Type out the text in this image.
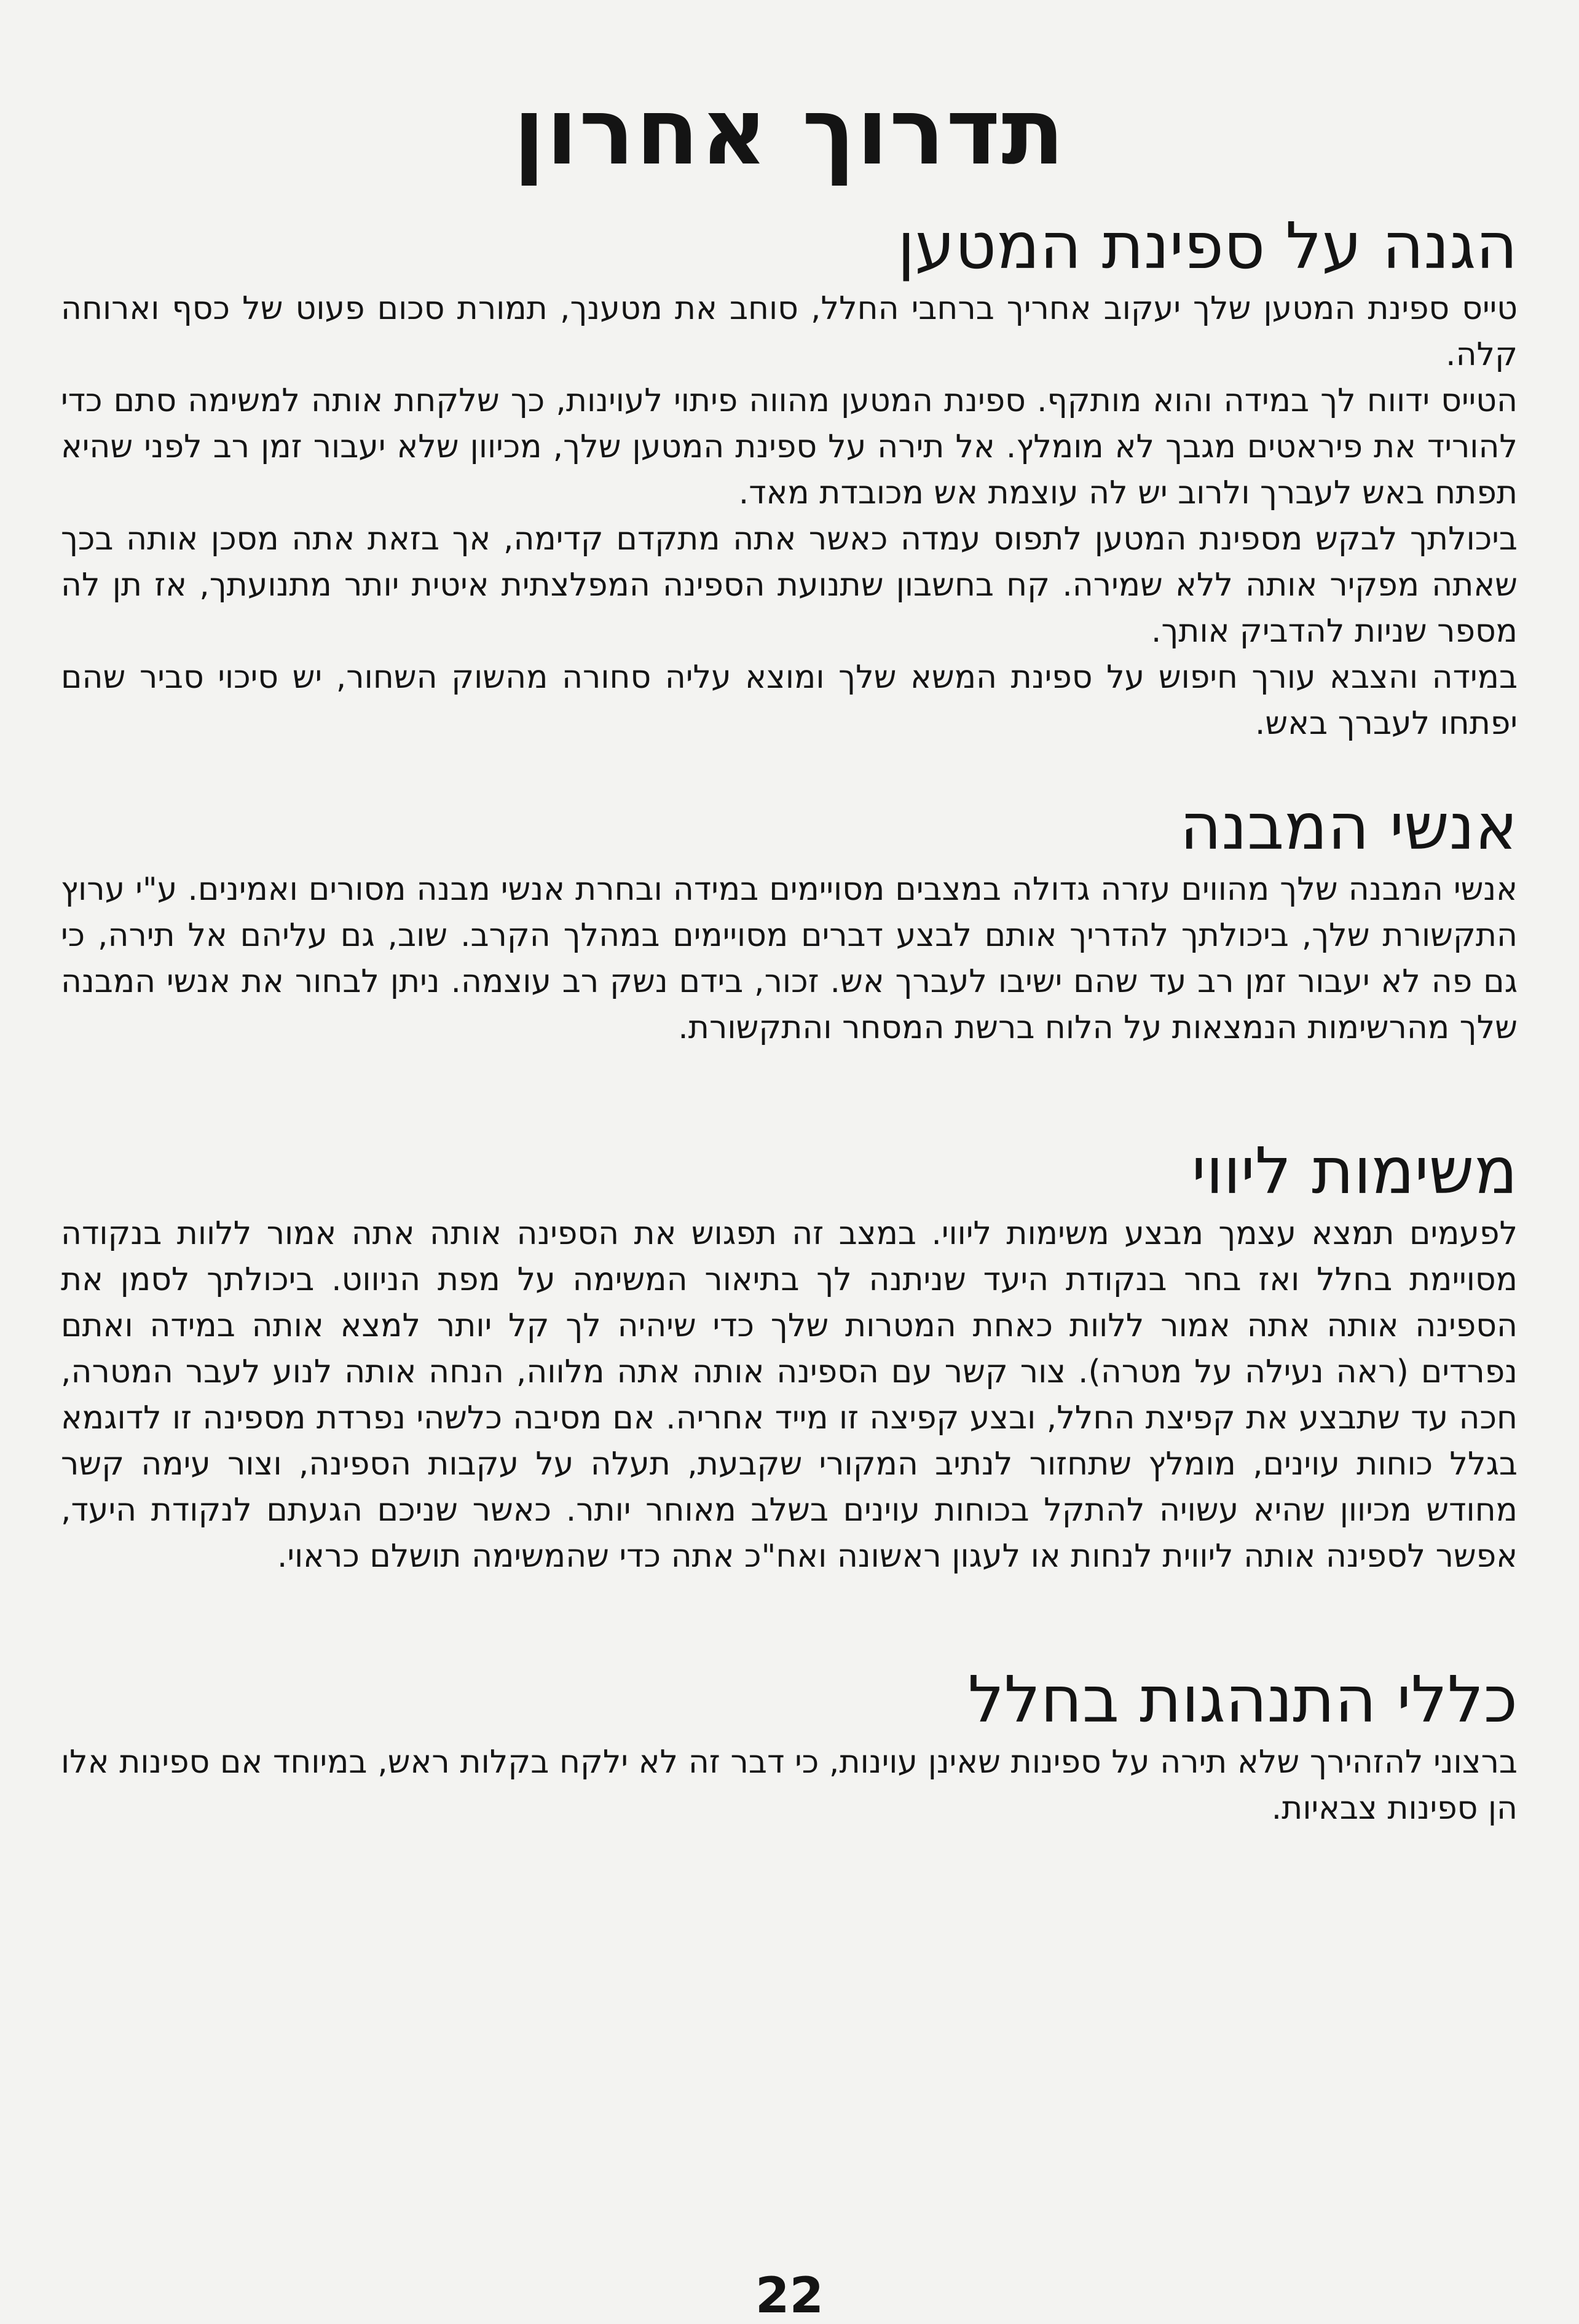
תדרוך אחרון
הגנה על ספינת המטען
טייס ספינת המטען שלך יעקוב אחריך ברחבי החלל, סוחב את מטענך, תמורת סכום פעוט של כסף וארוחה קלה.
הטייס ידווח לך במידה והוא מותקף. ספינת המטען מהווה פיתוי לעוינות, כך שלקחת אותה למשימה סתם כדי להוריד את פיראטים מגבך לא מומלץ. אל תירה על ספינת המטען שלך, מכיוון שלא יעבור זמן רב לפני שהיא תפתח באש לעברך ולרוב יש לה עוצמת אש מכובדת מאד.
ביכולתך לבקש מספינת המטען לתפוס עמדה כאשר אתה מתקדם קדימה, אך בזאת אתה מסכן אותה בכך שאתה מפקיר אותה ללא שמירה. קח בחשבון שתנועת הספינה המפלצתית איטית יותר מתנועתך, אז תן לה מספר שניות להדביק אותך.
במידה והצבא עורך חיפוש על ספינת המשא שלך ומוצא עליה סחורה מהשוק השחור, יש סיכוי סביר שהם יפתחו לעברך באש.
אנשי המבנה
אנשי המבנה שלך מהווים עזרה גדולה במצבים מסויימים במידה ובחרת אנשי מבנה מסורים ואמינים. ע"י ערוץ התקשורת שלך, ביכולתך להדריך אותם לבצע דברים מסויימים במהלך הקרב. שוב, גם עליהם אל תירה, כי גם פה לא יעבור זמן רב עד שהם ישיבו לעברך אש. זכור, בידם נשק רב עוצמה. ניתן לבחור את אנשי המבנה שלך מהרשימות הנמצאות על הלוח ברשת המסחר והתקשורת.
משימות ליווי
לפעמים תמצא עצמך מבצע משימות ליווי. במצב זה תפגוש את הספינה אותה אתה אמור ללוות בנקודה מסויימת בחלל ואז בחר בנקודת היעד שניתנה לך בתיאור המשימה על מפת הניווט. ביכולתך לסמן את הספינה אותה אתה אמור ללוות כאחת המטרות שלך כדי שיהיה לך קל יותר למצא אותה במידה ואתם נפרדים (ראה נעילה על מטרה). צור קשר עם הספינה אותה אתה מלווה, הנחה אותה לנוע לעבר המטרה, חכה עד שתבצע את קפיצת החלל, ובצע קפיצה זו מייד אחריה. אם מסיבה כלשהי נפרדת מספינה זו לדוגמא בגלל כוחות עוינים, מומלץ שתחזור לנתיב המקורי שקבעת, תעלה על עקבות הספינה, וצור עימה קשר מחודש מכיוון שהיא עשויה להתקל בכוחות עוינים בשלב מאוחר יותר. כאשר שניכם הגעתם לנקודת היעד, אפשר לספינה אותה ליווית לנחות או לעגון ראשונה ואח"כ אתה כדי שהמשימה תושלם כראוי.
כללי התנהגות בחלל
ברצוני להזהירך שלא תירה על ספינות שאינן עוינות, כי דבר זה לא ילקח בקלות ראש, במיוחד אם ספינות אלו הן ספינות צבאיות.
22
